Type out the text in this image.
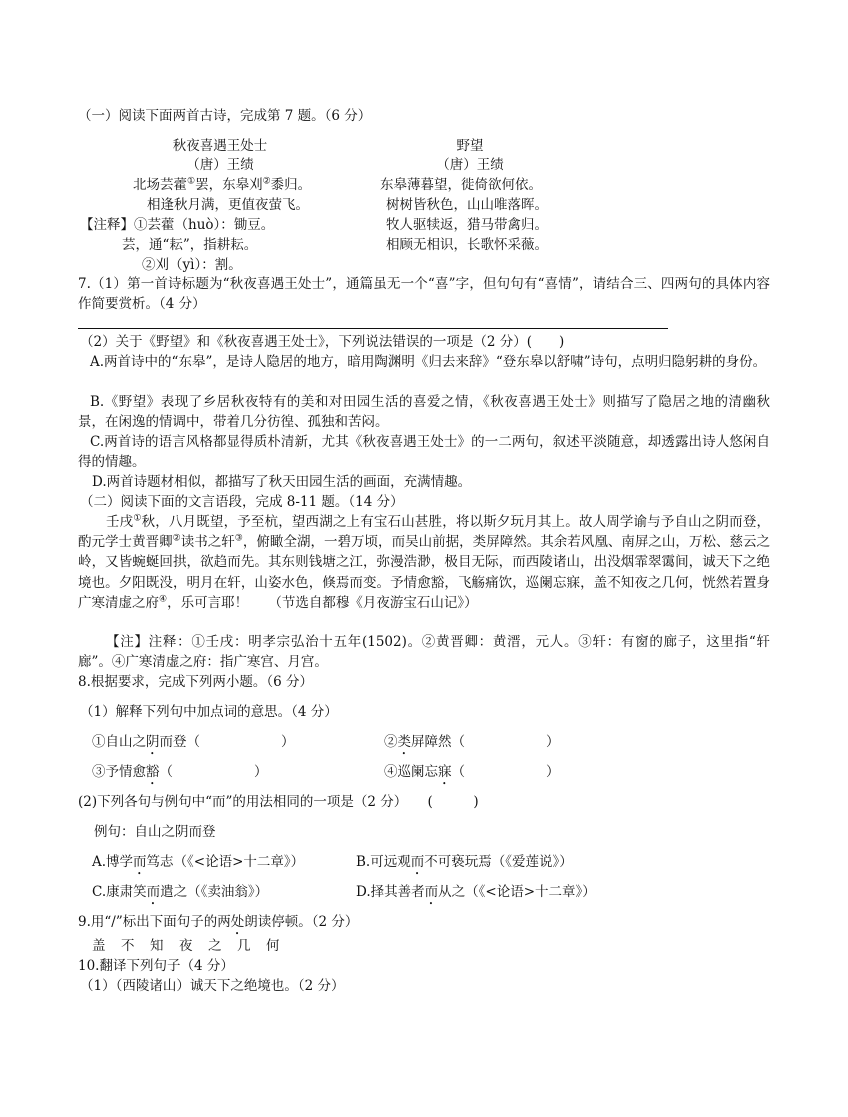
（一）阅读下面两首古诗，完成第 7 题。（6 分）
秋夜喜遇王处士
（唐）王绩
北场芸藿①罢，东皋刈②黍归。
相逢秋月满，更值夜萤飞。
【注释】①芸藿（huò）：锄豆。
芸，通“耘”，指耕耘。
②刈（yì）：割。
野望
（唐）王绩
东皋薄暮望，徙倚欲何依。
树树皆秋色，山山唯落晖。
牧人驱犊返，猎马带禽归。
相顾无相识，长歌怀采薇。
7.（1）第一首诗标题为“秋夜喜遇王处士”，通篇虽无一个“喜”字，但句句有“喜情”，请结合三、四两句的具体内容作简要赏析。（4 分）
（2）关于《野望》和《秋夜喜遇王处士》，下列说法错误的一项是（2 分）(　　)
A.两首诗中的“东皋”，是诗人隐居的地方，暗用陶渊明《归去来辞》“登东皋以舒啸”诗句，点明归隐躬耕的身份。
B.《野望》表现了乡居秋夜特有的美和对田园生活的喜爱之情，《秋夜喜遇王处士》则描写了隐居之地的清幽秋景，在闲逸的情调中，带着几分彷徨、孤独和苦闷。
C.两首诗的语言风格都显得质朴清新，尤其《秋夜喜遇王处士》的一二两句，叙述平淡随意，却透露出诗人悠闲自得的情趣。
D.两首诗题材相似，都描写了秋天田园生活的画面，充满情趣。
（二）阅读下面的文言语段，完成 8-11 题。（14 分）
壬戌①秋，八月既望，予至杭，望西湖之上有宝石山甚胜，将以斯夕玩月其上。故人周学谕与予自山之阴而登，酌元学士黄晋卿②读书之轩③，俯瞰全湖，一碧万顷，而吴山前据，类屏障然。其余若风凰、南屏之山，万松、慈云之岭，又皆蜿蜒回拱，欲趋而先。其东则钱塘之江，弥漫浩渺，极目无际，而西陵诸山，出没烟霏翠霭间，诚天下之绝境也。夕阳既没，明月在轩，山姿水色，倏焉而变。予情愈豁，飞觞痛饮，巡阑忘寐，盖不知夜之几何，恍然若置身广寒清虚之府④，乐可言耶！　　（节选自都穆《月夜游宝石山记》）
【注】注释：①壬戌：明孝宗弘治十五年(1502)。②黄晋卿：黄溍，元人。③轩：有窗的廊子，这里指“轩廊”。④广寒清虚之府：指广寒宫、月宫。
8.根据要求，完成下列两小题。（6 分）
（1）解释下列句中加点词的意思。（4 分）
①自山之阴而登（　　　　　　）	②类屏障然（　　　　　　）
③予情愈豁（　　　　　　）	④巡阑忘寐（　　　　　　）
(2)下列各句与例句中“而”的用法相同的一项是（2 分）　　(　　　)
例句：自山之阴而登
A.博学而笃志（《<论语>十二章》）	B.可远观而不可亵玩焉（《爱莲说》）
C.康肃笑而遣之（《卖油翁》）	D.择其善者而从之（《<论语>十二章》）
9.用“/”标出下面句子的两处朗读停顿。（2 分）
盖 不 知 夜 之 几 何
10.翻译下列句子（4 分）
（1）（西陵诸山）诚天下之绝境也。（2 分）
